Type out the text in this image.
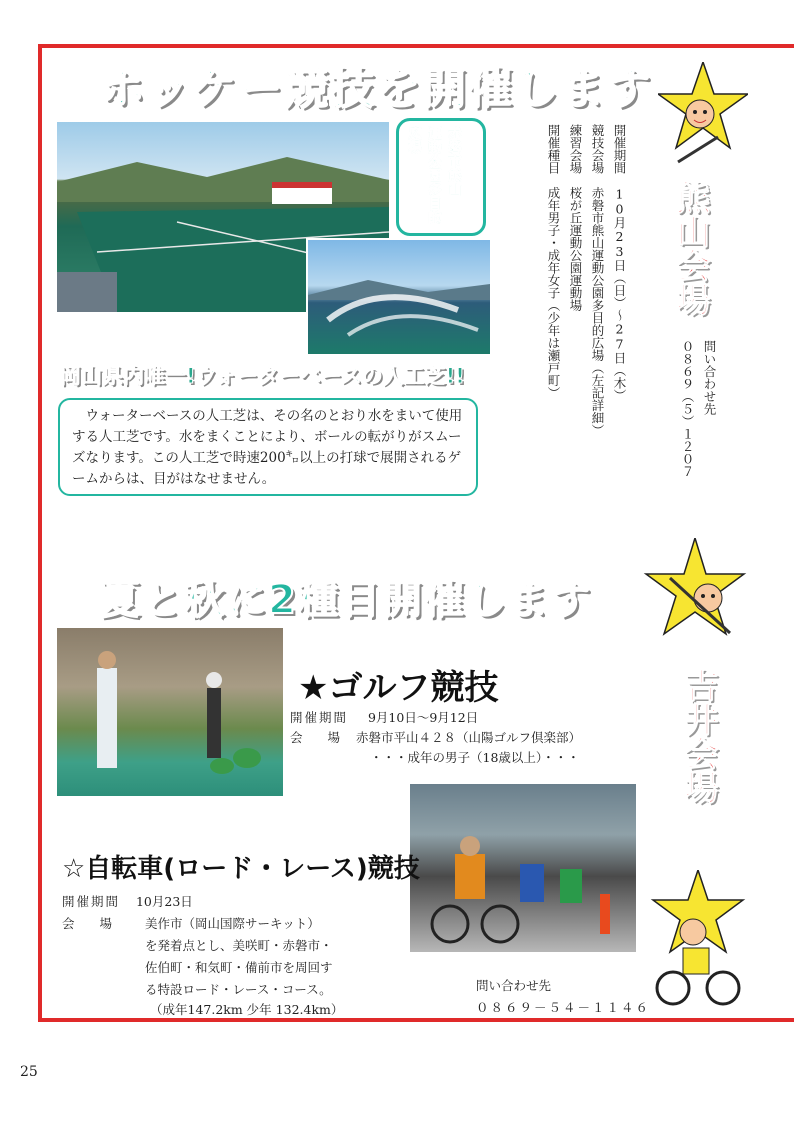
ホッケー競技を開催します
赤磐市熊山
運動公園多目的広場
岡山県内唯一!ウォーターベースの人工芝!!
　ウォーターベースの人工芝は、その名のとおり水をまいて使用する人工芝です。水をまくことにより、ボールの転がりがスムーズなります。この人工芝で時速200㌔以上の打球で展開されるゲームからは、目がはなせません。
開催期間　10月23日（日）～27日（木）
競技会場　赤磐市熊山運動公園多目的広場（左記詳細）
練習会場　桜が丘運動公園運動場
開催種目　成年男子・成年女子（少年は瀬戸町）	熊山会場
問い合わせ先
０８６９（５）１２０７
夏と秋に2種目開催します
吉井会場
★ゴルフ競技
開催期間 9月10日～9月12日
会　　場 赤磐市平山４２８（山陽ゴルフ倶楽部）
・・・成年の男子（18歳以上）・・・
☆自転車(ロード・レース)競技
開催期間 10月23日
会　　場	美作市（岡山国際サーキット）
を発着点とし、美咲町・赤磐市・
佐伯町・和気町・備前市を周回す
る特設ロード・レース・コース。
（成年147.2km 少年 132.4km）
問い合わせ先
０８６９－５４－１１４６
25
